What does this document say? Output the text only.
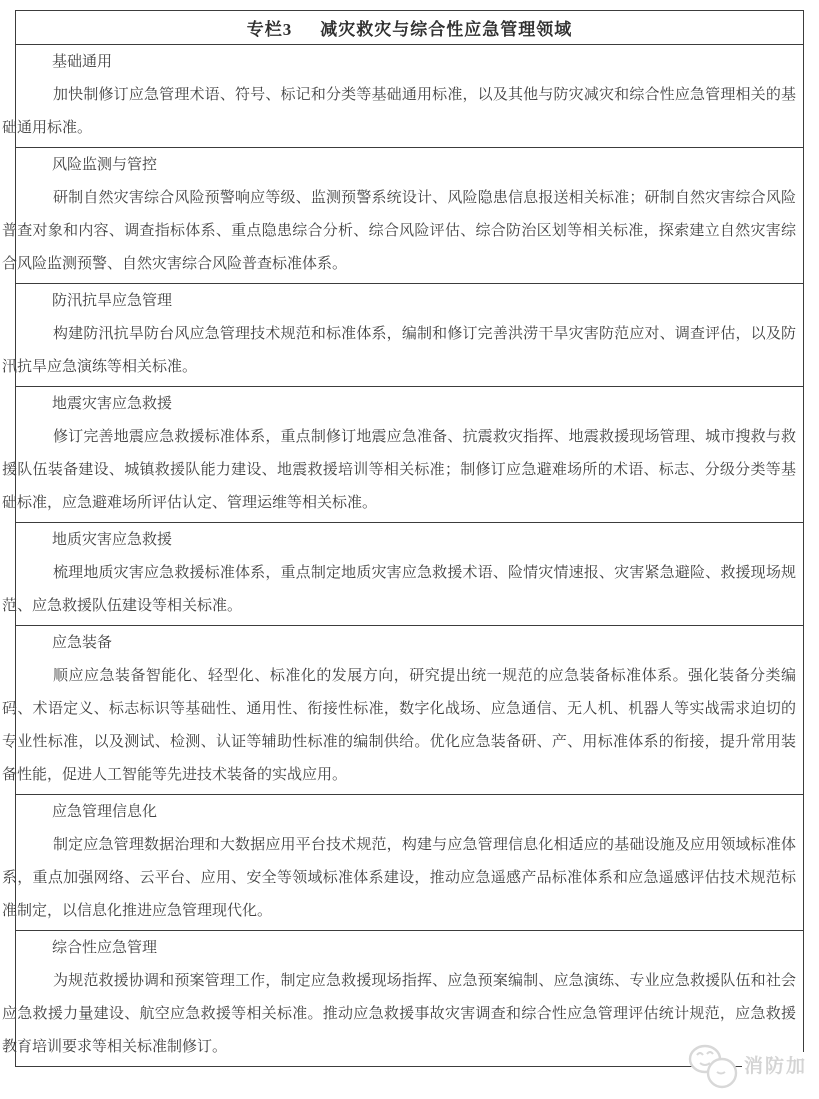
专栏3 减灾救灾与综合性应急管理领域

基础通用

加快制修订应急管理术语、符号、标记和分类等基础通用标准，以及其他与防灾减灾和综合性应急管理相关的基础通用标准。

风险监测与管控

研制自然灾害综合风险预警响应等级、监测预警系统设计、风险隐患信息报送相关标准；研制自然灾害综合风险普查对象和内容、调查指标体系、重点隐患综合分析、综合风险评估、综合防治区划等相关标准，探索建立自然灾害综合风险监测预警、自然灾害综合风险普查标准体系。

防汛抗旱应急管理

构建防汛抗旱防台风应急管理技术规范和标准体系，编制和修订完善洪涝干旱灾害防范应对、调查评估，以及防汛抗旱应急演练等相关标准。

地震灾害应急救援

修订完善地震应急救援标准体系，重点制修订地震应急准备、抗震救灾指挥、地震救援现场管理、城市搜救与救援队伍装备建设、城镇救援队能力建设、地震救援培训等相关标准；制修订应急避难场所的术语、标志、分级分类等基础标准，应急避难场所评估认定、管理运维等相关标准。

地质灾害应急救援

梳理地质灾害应急救援标准体系，重点制定地质灾害应急救援术语、险情灾情速报、灾害紧急避险、救援现场规范、应急救援队伍建设等相关标准。

应急装备

顺应应急装备智能化、轻型化、标准化的发展方向，研究提出统一规范的应急装备标准体系。强化装备分类编码、术语定义、标志标识等基础性、通用性、衔接性标准，数字化战场、应急通信、无人机、机器人等实战需求迫切的专业性标准，以及测试、检测、认证等辅助性标准的编制供给。优化应急装备研、产、用标准体系的衔接，提升常用装备性能，促进人工智能等先进技术装备的实战应用。

应急管理信息化

制定应急管理数据治理和大数据应用平台技术规范，构建与应急管理信息化相适应的基础设施及应用领域标准体系，重点加强网络、云平台、应用、安全等领域标准体系建设，推动应急遥感产品标准体系和应急遥感评估技术规范标准制定，以信息化推进应急管理现代化。

综合性应急管理

为规范救援协调和预案管理工作，制定应急救援现场指挥、应急预案编制、应急演练、专业应急救援队伍和社会应急救援力量建设、航空应急救援等相关标准。推动应急救援事故灾害调查和综合性应急管理评估统计规范，应急救援教育培训要求等相关标准制修订。

消防加
